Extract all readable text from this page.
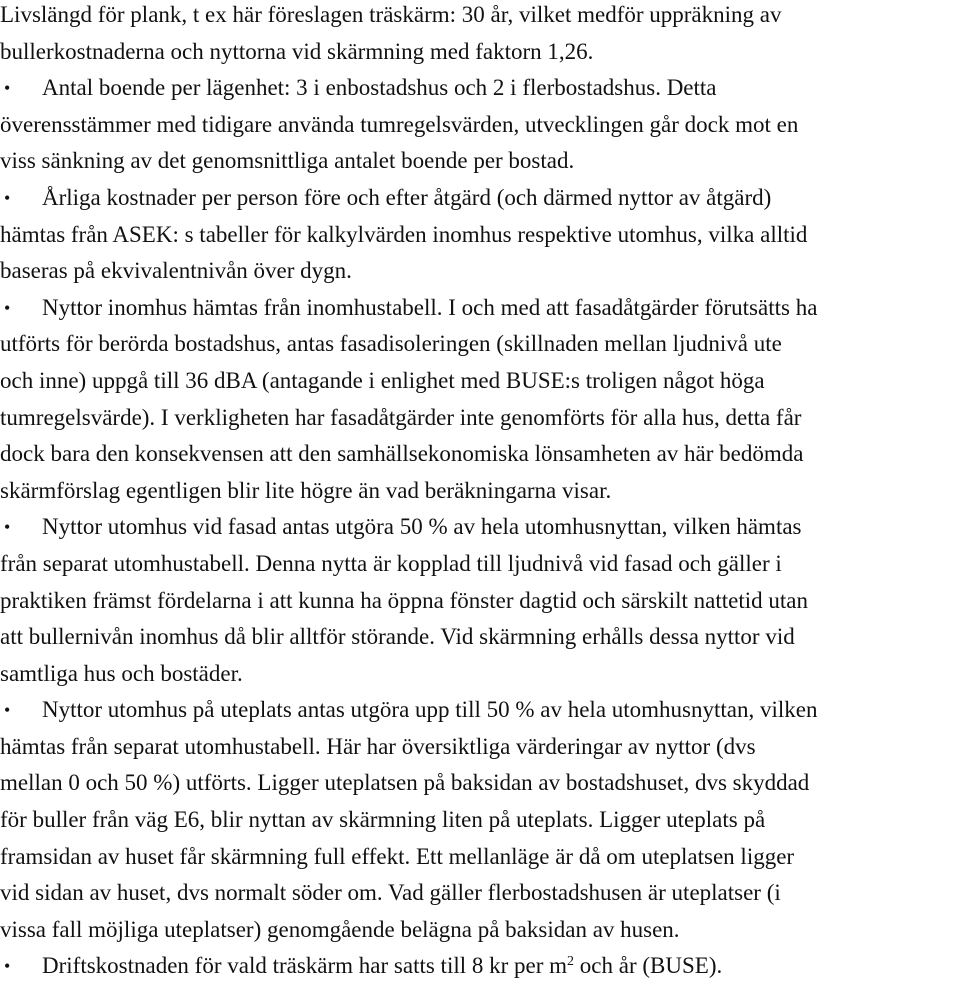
Livslängd för plank, t ex här föreslagen träskärm: 30 år, vilket medför uppräkning av
bullerkostnaderna och nyttorna vid skärmning med faktorn 1,26.
• Antal boende per lägenhet: 3 i enbostadshus och 2 i flerbostadshus. Detta
överensstämmer med tidigare använda tumregelsvärden, utvecklingen går dock mot en
viss sänkning av det genomsnittliga antalet boende per bostad.
• Årliga kostnader per person före och efter åtgärd (och därmed nyttor av åtgärd)
hämtas från ASEK: s tabeller för kalkylvärden inomhus respektive utomhus, vilka alltid
baseras på ekvivalentnivån över dygn.
• Nyttor inomhus hämtas från inomhustabell. I och med att fasadåtgärder förutsätts ha
utförts för berörda bostadshus, antas fasadisoleringen (skillnaden mellan ljudnivå ute
och inne) uppgå till 36 dBA (antagande i enlighet med BUSE:s troligen något höga
tumregelsvärde). I verkligheten har fasadåtgärder inte genomförts för alla hus, detta får
dock bara den konsekvensen att den samhällsekonomiska lönsamheten av här bedömda
skärmförslag egentligen blir lite högre än vad beräkningarna visar.
• Nyttor utomhus vid fasad antas utgöra 50 % av hela utomhusnyttan, vilken hämtas
från separat utomhustabell. Denna nytta är kopplad till ljudnivå vid fasad och gäller i
praktiken främst fördelarna i att kunna ha öppna fönster dagtid och särskilt nattetid utan
att bullernivån inomhus då blir alltför störande. Vid skärmning erhålls dessa nyttor vid
samtliga hus och bostäder.
• Nyttor utomhus på uteplats antas utgöra upp till 50 % av hela utomhusnyttan, vilken
hämtas från separat utomhustabell. Här har översiktliga värderingar av nyttor (dvs
mellan 0 och 50 %) utförts. Ligger uteplatsen på baksidan av bostadshuset, dvs skyddad
för buller från väg E6, blir nyttan av skärmning liten på uteplats. Ligger uteplats på
framsidan av huset får skärmning full effekt. Ett mellanläge är då om uteplatsen ligger
vid sidan av huset, dvs normalt söder om. Vad gäller flerbostadshusen är uteplatser (i
vissa fall möjliga uteplatser) genomgående belägna på baksidan av husen.
• Driftskostnaden för vald träskärm har satts till 8 kr per $m^2$ och år (BUSE).
